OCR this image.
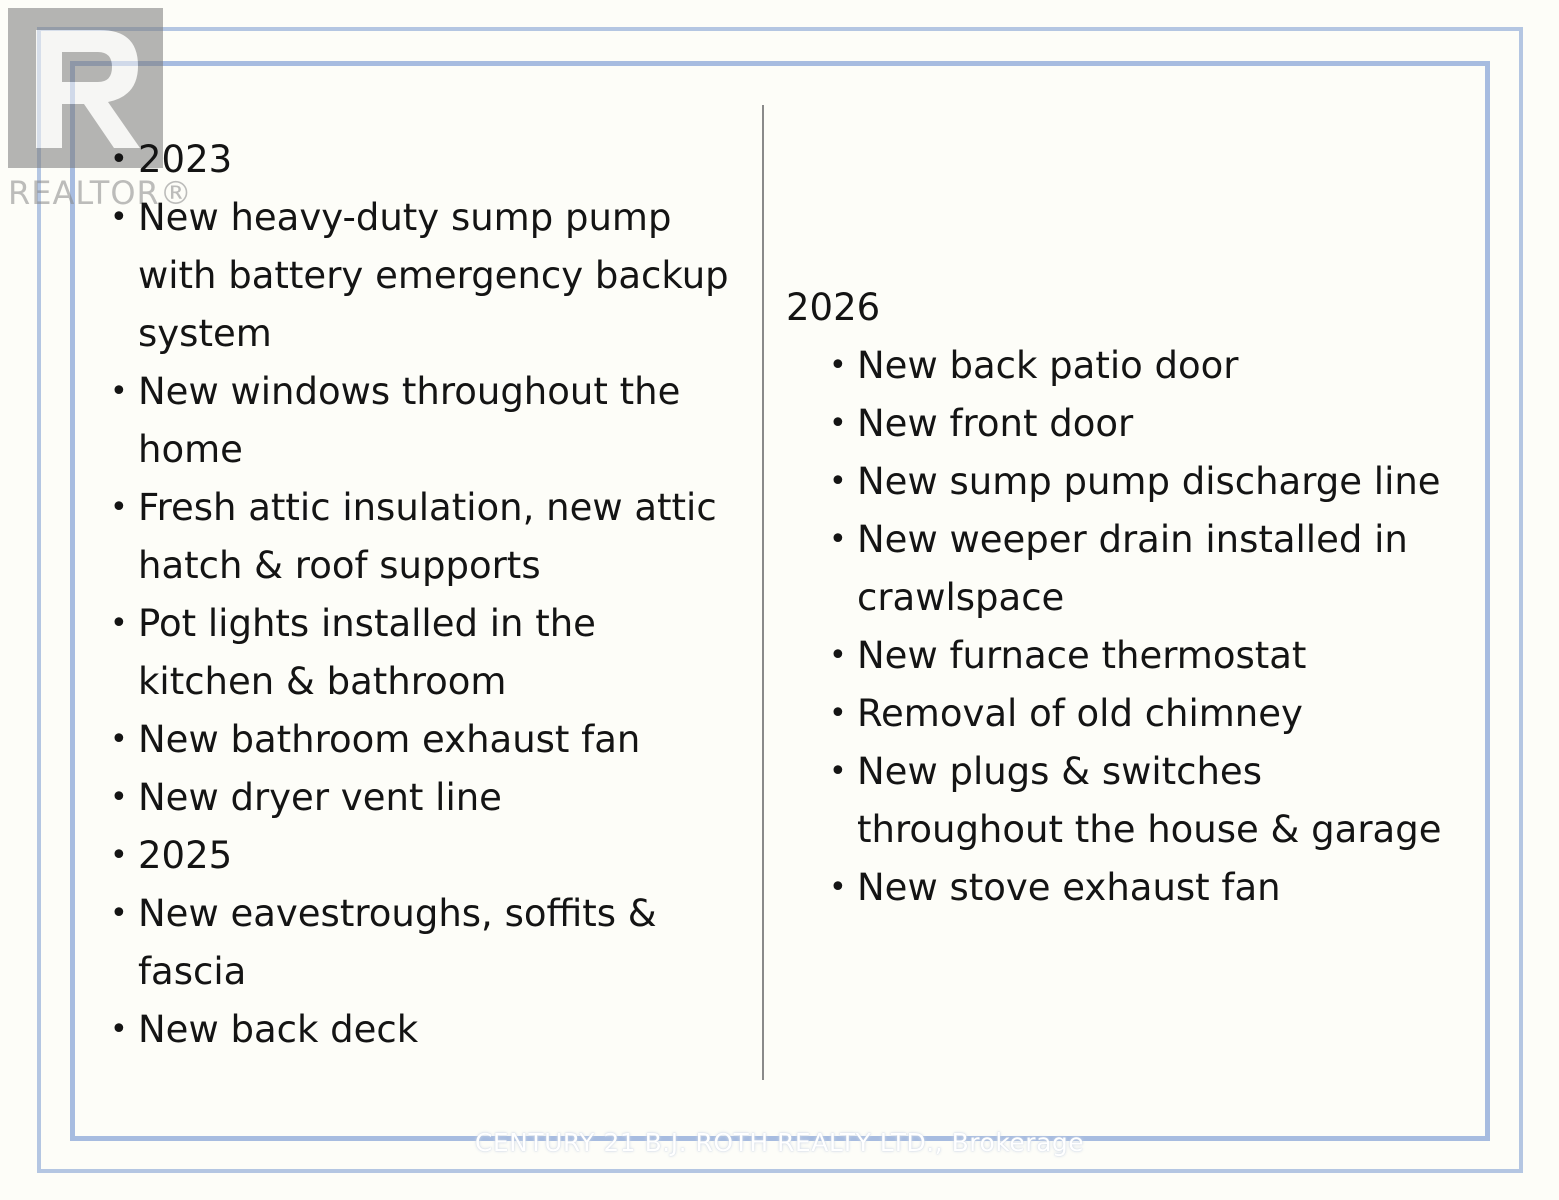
REALTOR®
• 2023
• New heavy-duty sump pump with battery emergency backup system
• New windows throughout the home
• Fresh attic insulation, new attic hatch & roof supports
• Pot lights installed in the kitchen & bathroom
• New bathroom exhaust fan
• New dryer vent line
• 2025
• New eavestroughs, soffits & fascia
• New back deck
2026
• New back patio door
• New front door
• New sump pump discharge line
• New weeper drain installed in crawlspace
• New furnace thermostat
• Removal of old chimney
• New plugs & switches throughout the house & garage
• New stove exhaust fan
CENTURY 21 B.J. ROTH REALTY LTD., Brokerage
